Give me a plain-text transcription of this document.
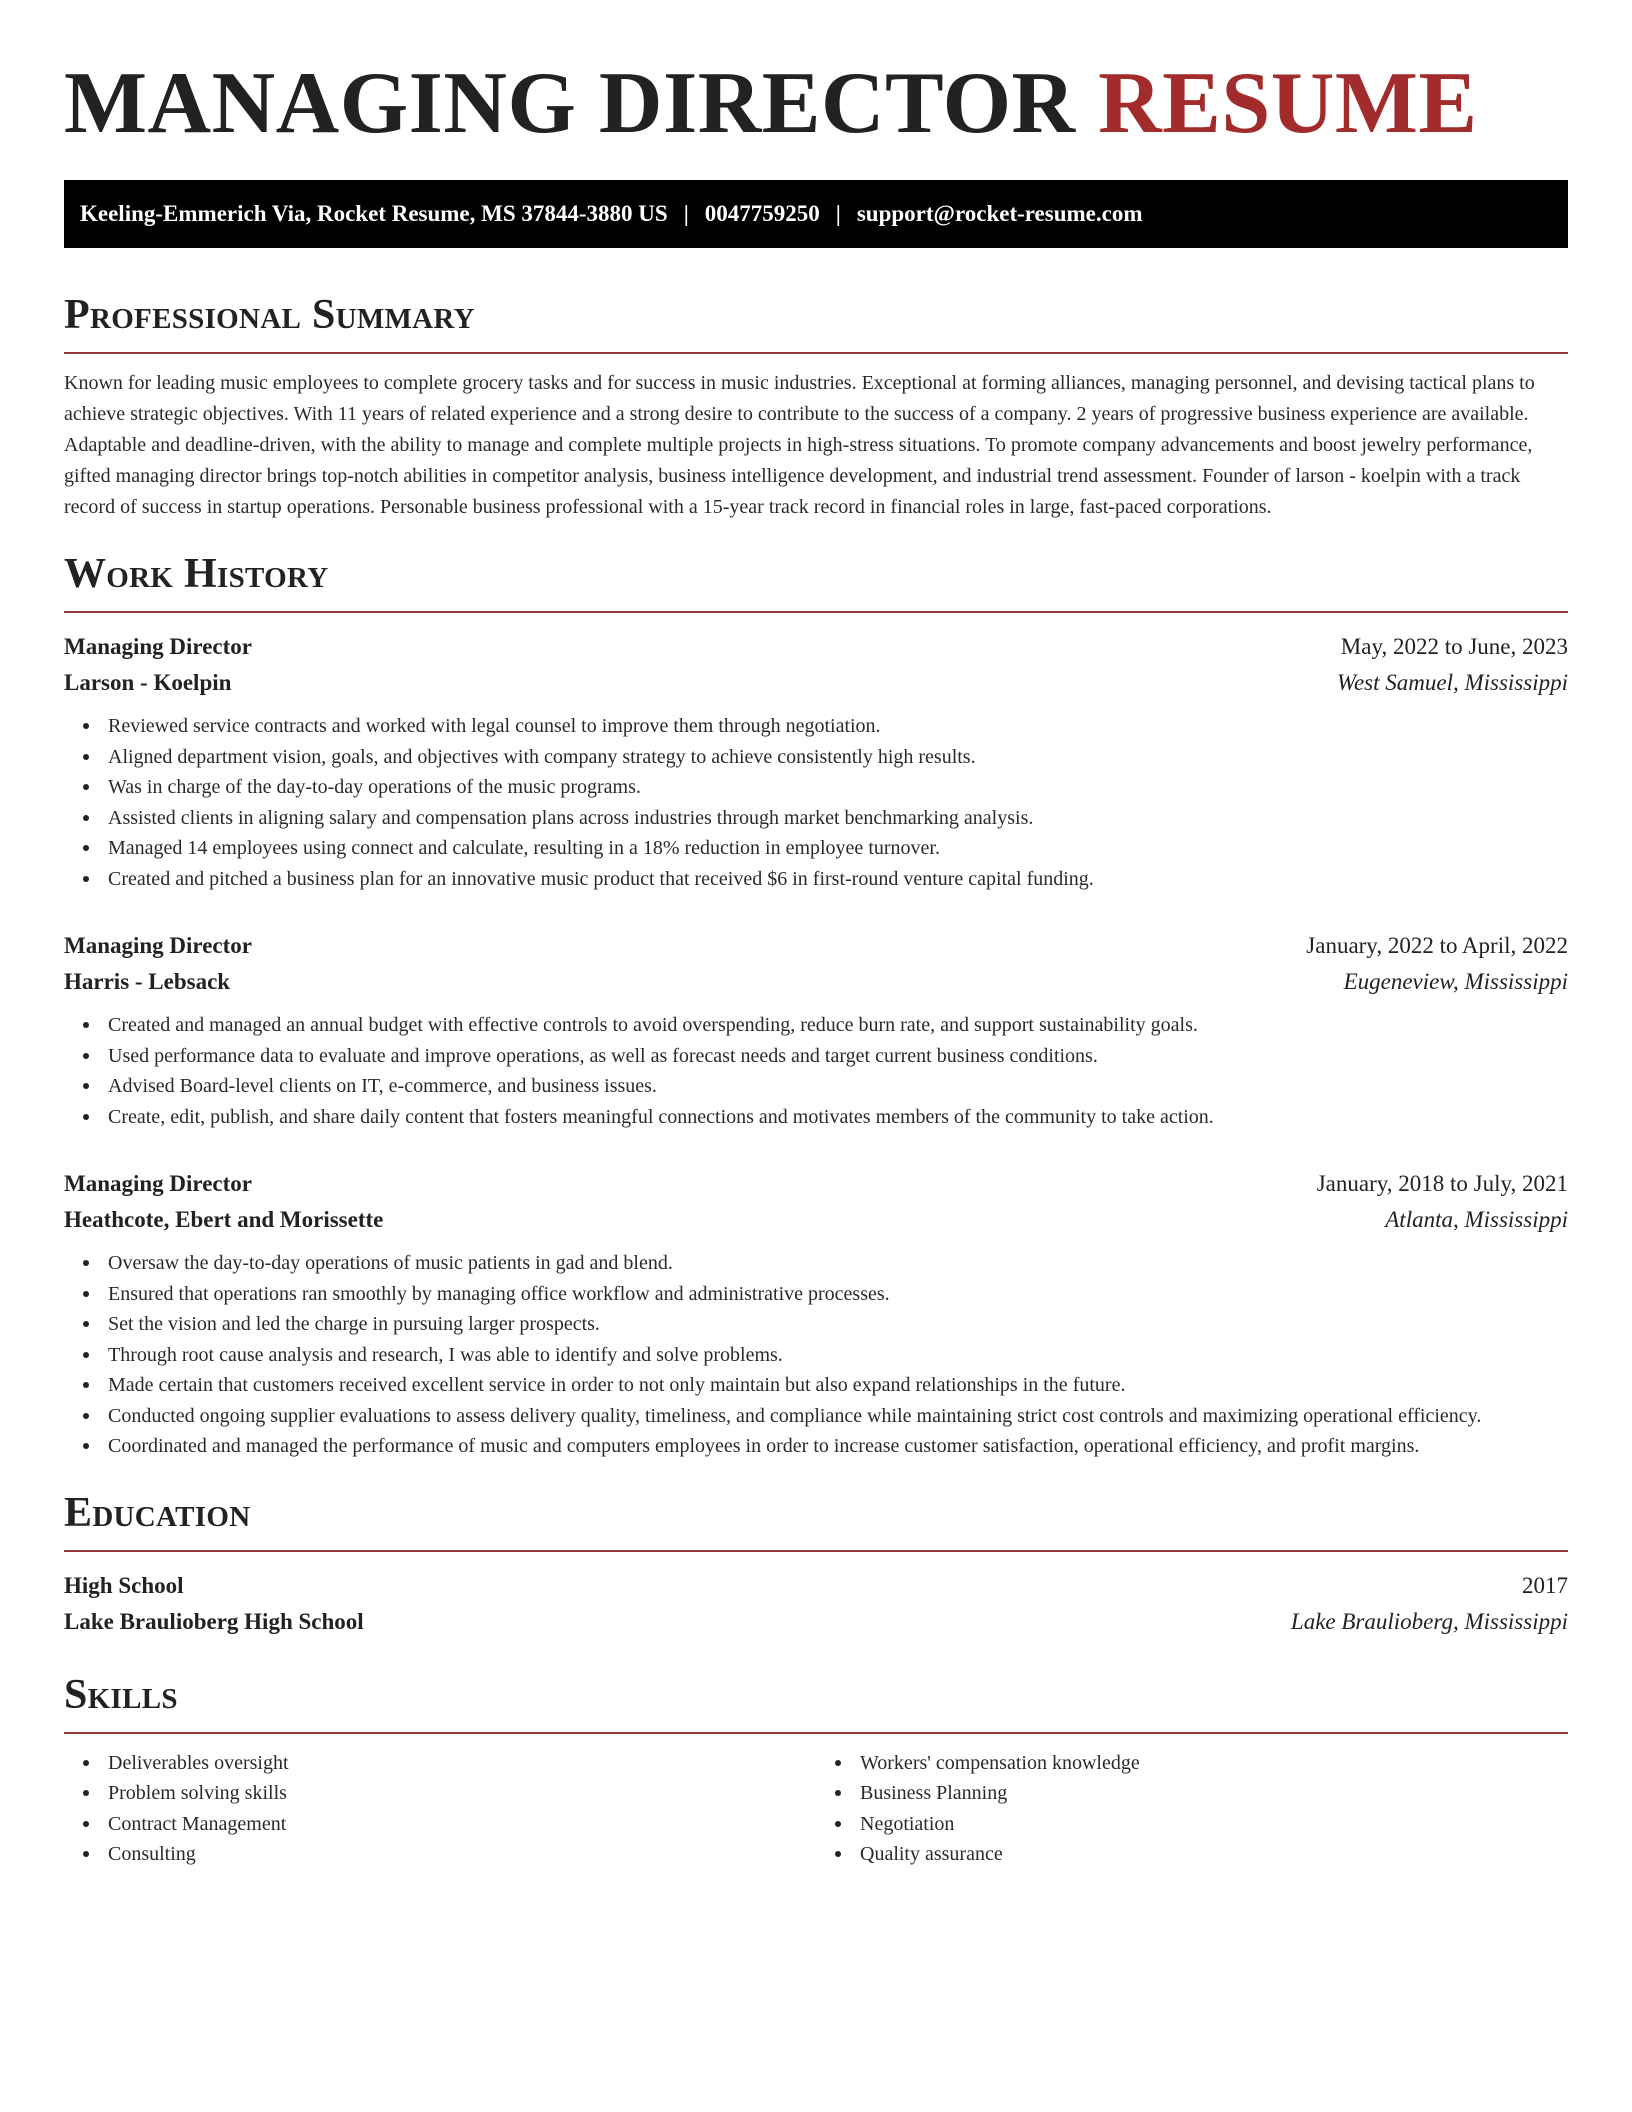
MANAGING DIRECTOR RESUME
Keeling-Emmerich Via, Rocket Resume, MS 37844-3880 US | 0047759250 | support@rocket-resume.com
Professional Summary

Known for leading music employees to complete grocery tasks and for success in music industries. Exceptional at forming alliances, managing personnel, and devising tactical plans to achieve strategic objectives. With 11 years of related experience and a strong desire to contribute to the success of a company. 2 years of progressive business experience are available. Adaptable and deadline-driven, with the ability to manage and complete multiple projects in high-stress situations. To promote company advancements and boost jewelry performance, gifted managing director brings top-notch abilities in competitor analysis, business intelligence development, and industrial trend assessment. Founder of larson - koelpin with a track record of success in startup operations. Personable business professional with a 15-year track record in financial roles in large, fast-paced corporations.

Work History
Managing Director	May, 2022 to June, 2023
Larson - Koelpin	West Samuel, Mississippi
Reviewed service contracts and worked with legal counsel to improve them through negotiation.
Aligned department vision, goals, and objectives with company strategy to achieve consistently high results.
Was in charge of the day-to-day operations of the music programs.
Assisted clients in aligning salary and compensation plans across industries through market benchmarking analysis.
Managed 14 employees using connect and calculate, resulting in a 18% reduction in employee turnover.
Created and pitched a business plan for an innovative music product that received $6 in first-round venture capital funding.
Managing Director	January, 2022 to April, 2022
Harris - Lebsack	Eugeneview, Mississippi
Created and managed an annual budget with effective controls to avoid overspending, reduce burn rate, and support sustainability goals.
Used performance data to evaluate and improve operations, as well as forecast needs and target current business conditions.
Advised Board-level clients on IT, e-commerce, and business issues.
Create, edit, publish, and share daily content that fosters meaningful connections and motivates members of the community to take action.
Managing Director	January, 2018 to July, 2021
Heathcote, Ebert and Morissette	Atlanta, Mississippi
Oversaw the day-to-day operations of music patients in gad and blend.
Ensured that operations ran smoothly by managing office workflow and administrative processes.
Set the vision and led the charge in pursuing larger prospects.
Through root cause analysis and research, I was able to identify and solve problems.
Made certain that customers received excellent service in order to not only maintain but also expand relationships in the future.
Conducted ongoing supplier evaluations to assess delivery quality, timeliness, and compliance while maintaining strict cost controls and maximizing operational efficiency.
Coordinated and managed the performance of music and computers employees in order to increase customer satisfaction, operational efficiency, and profit margins.
Education
High School	2017
Lake Braulioberg High School	Lake Braulioberg, Mississippi
Skills
Deliverables oversight
Problem solving skills
Contract Management
Consulting
Workers' compensation knowledge
Business Planning
Negotiation
Quality assurance
